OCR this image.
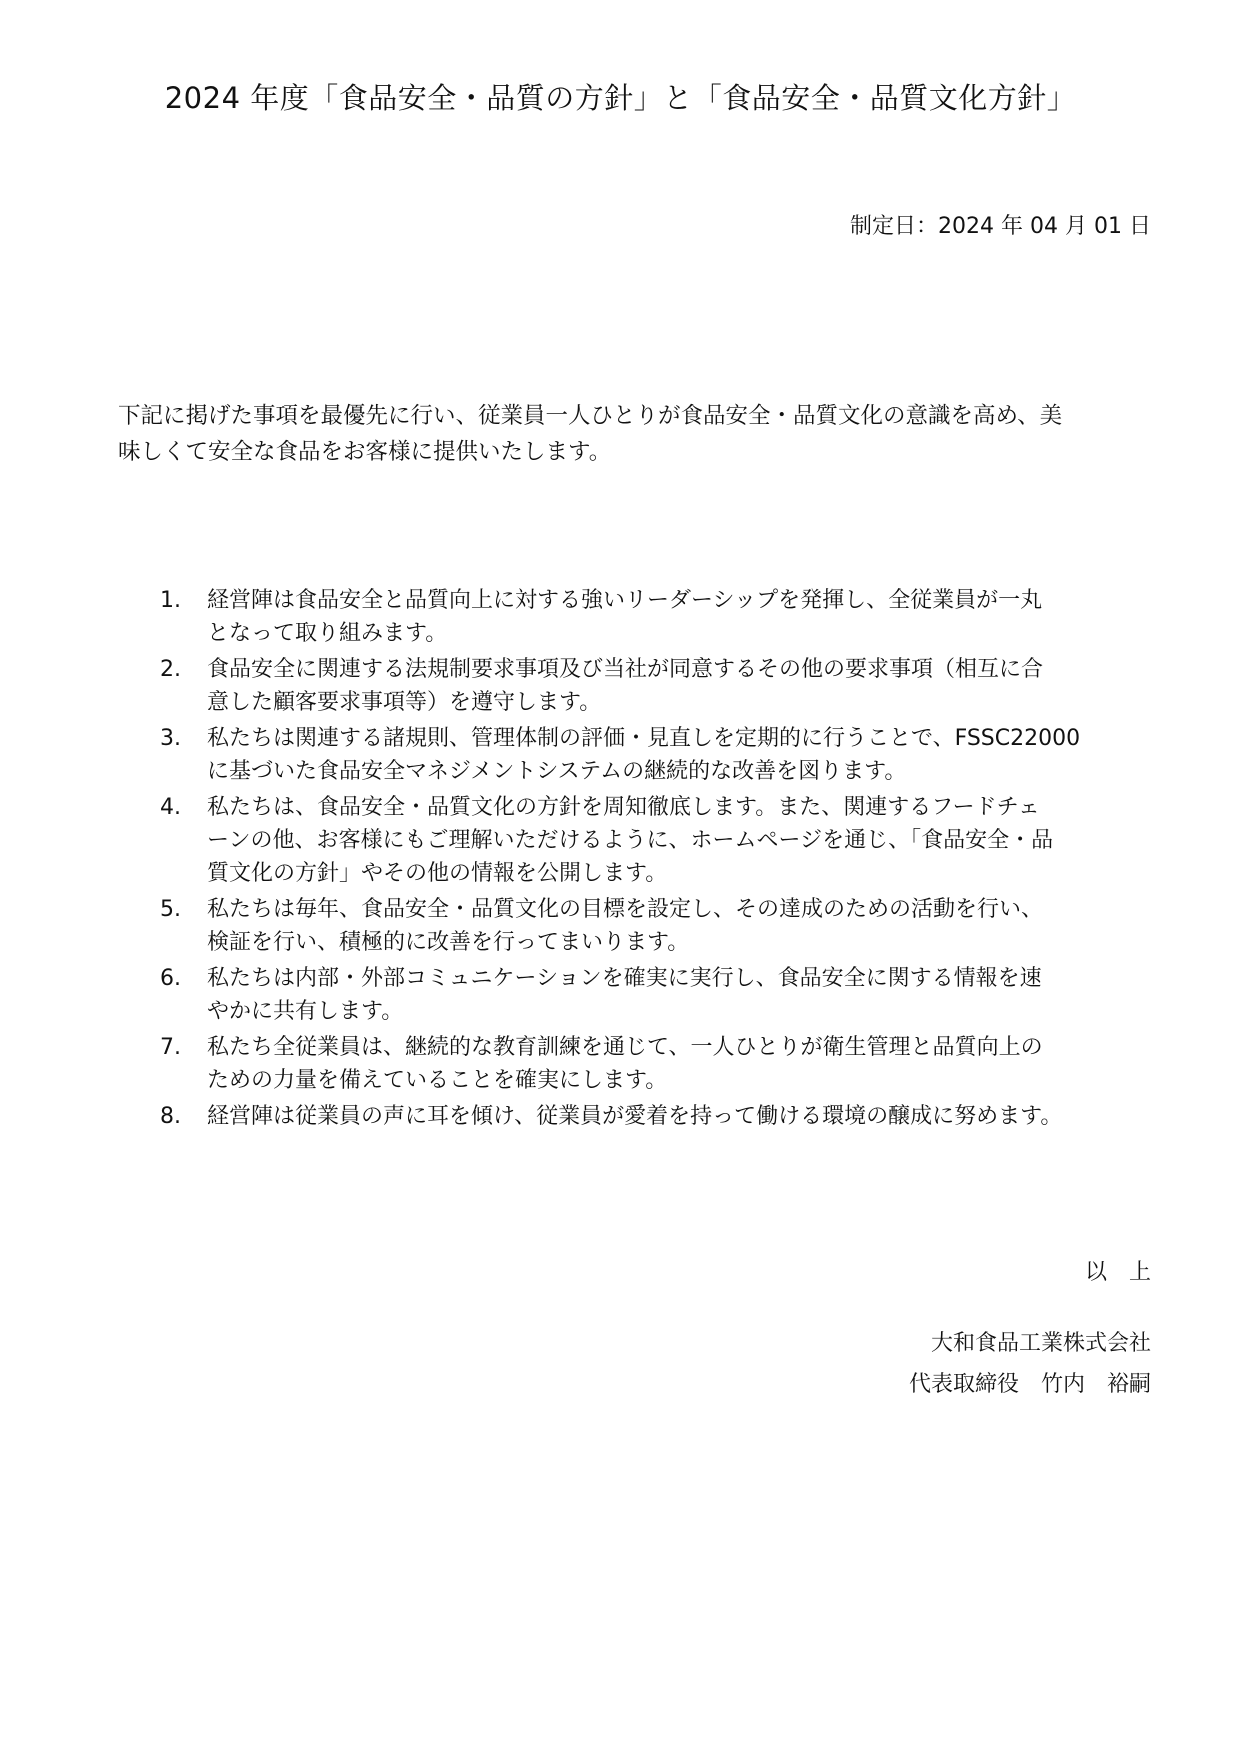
2024 年度「食品安全・品質の方針」と「食品安全・品質文化方針」
制定日：2024 年 04 月 01 日
下記に掲げた事項を最優先に行い、従業員一人ひとりが食品安全・品質文化の意識を高め、美
味しくて安全な食品をお客様に提供いたします。
1.	経営陣は食品安全と品質向上に対する強いリーダーシップを発揮し、全従業員が一丸
となって取り組みます。
2.	食品安全に関連する法規制要求事項及び当社が同意するその他の要求事項（相互に合
意した顧客要求事項等）を遵守します。
3.	私たちは関連する諸規則、管理体制の評価・見直しを定期的に行うことで、FSSC22000
に基づいた食品安全マネジメントシステムの継続的な改善を図ります。
4.	私たちは、食品安全・品質文化の方針を周知徹底します。また、関連するフードチェ
ーンの他、お客様にもご理解いただけるように、ホームページを通じ、「食品安全・品
質文化の方針」やその他の情報を公開します。
5.	私たちは毎年、食品安全・品質文化の目標を設定し、その達成のための活動を行い、
検証を行い、積極的に改善を行ってまいります。
6.	私たちは内部・外部コミュニケーションを確実に実行し、食品安全に関する情報を速
やかに共有します。
7.	私たち全従業員は、継続的な教育訓練を通じて、一人ひとりが衛生管理と品質向上の
ための力量を備えていることを確実にします。
8.	経営陣は従業員の声に耳を傾け、従業員が愛着を持って働ける環境の醸成に努めます。
以　上
大和食品工業株式会社
代表取締役　竹内　裕嗣
